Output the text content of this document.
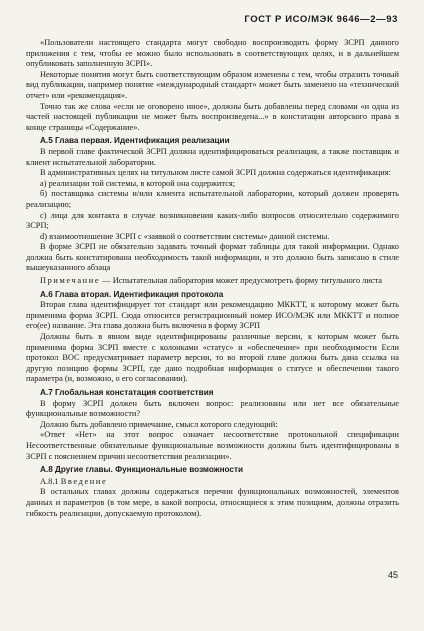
ГОСТ Р ИСО/МЭК 9646—2—93

«Пользователи настоящего стандарта могут свободно воспроизводить форму ЗСРП данного приложения с тем, чтобы ее можно было использовать в соответствующих целях, и в дальнейшем опубликовать заполненную ЗСРП».

Некоторые понятия могут быть соответствующим образом изменены с тем, чтобы отразить точный вид публикации, например понятие «международный стандарт» может быть заменено на «технический отчет» или «рекомендация».

Точно так же слова «если не оговорено иное», должны быть добавлены перед словами «и одна из частей настоящей публикации не может быть воспроизведена...» в констатации авторского права в конце страницы «Содержание».

А.5 Глава первая. Идентификация реализации

В первой главе фактической ЗСРП должна идентифицироваться реализация, а также поставщик и клиент испытательной лаборатории.

В административных целях на титульном листе самой ЗСРП должна содержаться идентификация:

а) реализации той системы, в которой она содержится;

б) поставщика системы и/или клиента испытательной лаборатории, который должен проверять реализацию;

с) лица для контакта в случае возникновения каких-либо вопросов относительно содержимого ЗСРП;

d) взаимоотношение ЗСРП с «заявкой о соответствии системы» данной системы.

В форме ЗСРП не обязательно задавать точный формат таблицы для такой информации. Однако должна быть констатирована необходимость такой информации, и это должно быть записано в стиле вышеуказанного абзаца

Примечание — Испытательная лаборатория может предусмотреть форму титульного листа

А.6 Глава вторая. Идентификация протокола

Вторая глава идентифицирует тот стандарт или рекомендацию МККТТ, к которому может быть применима форма ЗСРП. Сюда относится регистрационный номер ИСО/МЭК или МККТТ и полное его(ее) название. Эта глава должна быть включена в форму ЗСРП

Должны быть в явном виде идентифицированы различные версии, к которым может быть применима форма ЗСРП вместе с колонками «статус» и «обеспечение» при необходимости Если протокол ВОС предусматривает параметр версии, то во второй главе должна быть дана ссылка на другую позицию формы ЗСРП, где дано подробная информация о статусе и обеспечении такого параметра (и, возможно, о его согласовании).

А.7 Глобальная констатация соответствия

В форму ЗСРП должен быть включен вопрос: реализованы или нет все обязательные функциональные возможности?

Должно быть добавлено примечание, смысл которого следующий:

«Ответ «Нет» на этот вопрос означает несоответствие протокольной спецификации Несоответственные обязательные функциональные возможности должны быть идентифицированы в ЗСРП с пояснением причин несоответствия реализации».

А.8 Другие главы. Функциональные возможности

А.8.1 Введение

В остальных главах должны содержаться перечни функциональных возможностей, элементов данных и параметров (в том мере, в какой вопросы, относящиеся к этим позициям, должны отразить гибкость реализации, допускаемую протоколом).

45
